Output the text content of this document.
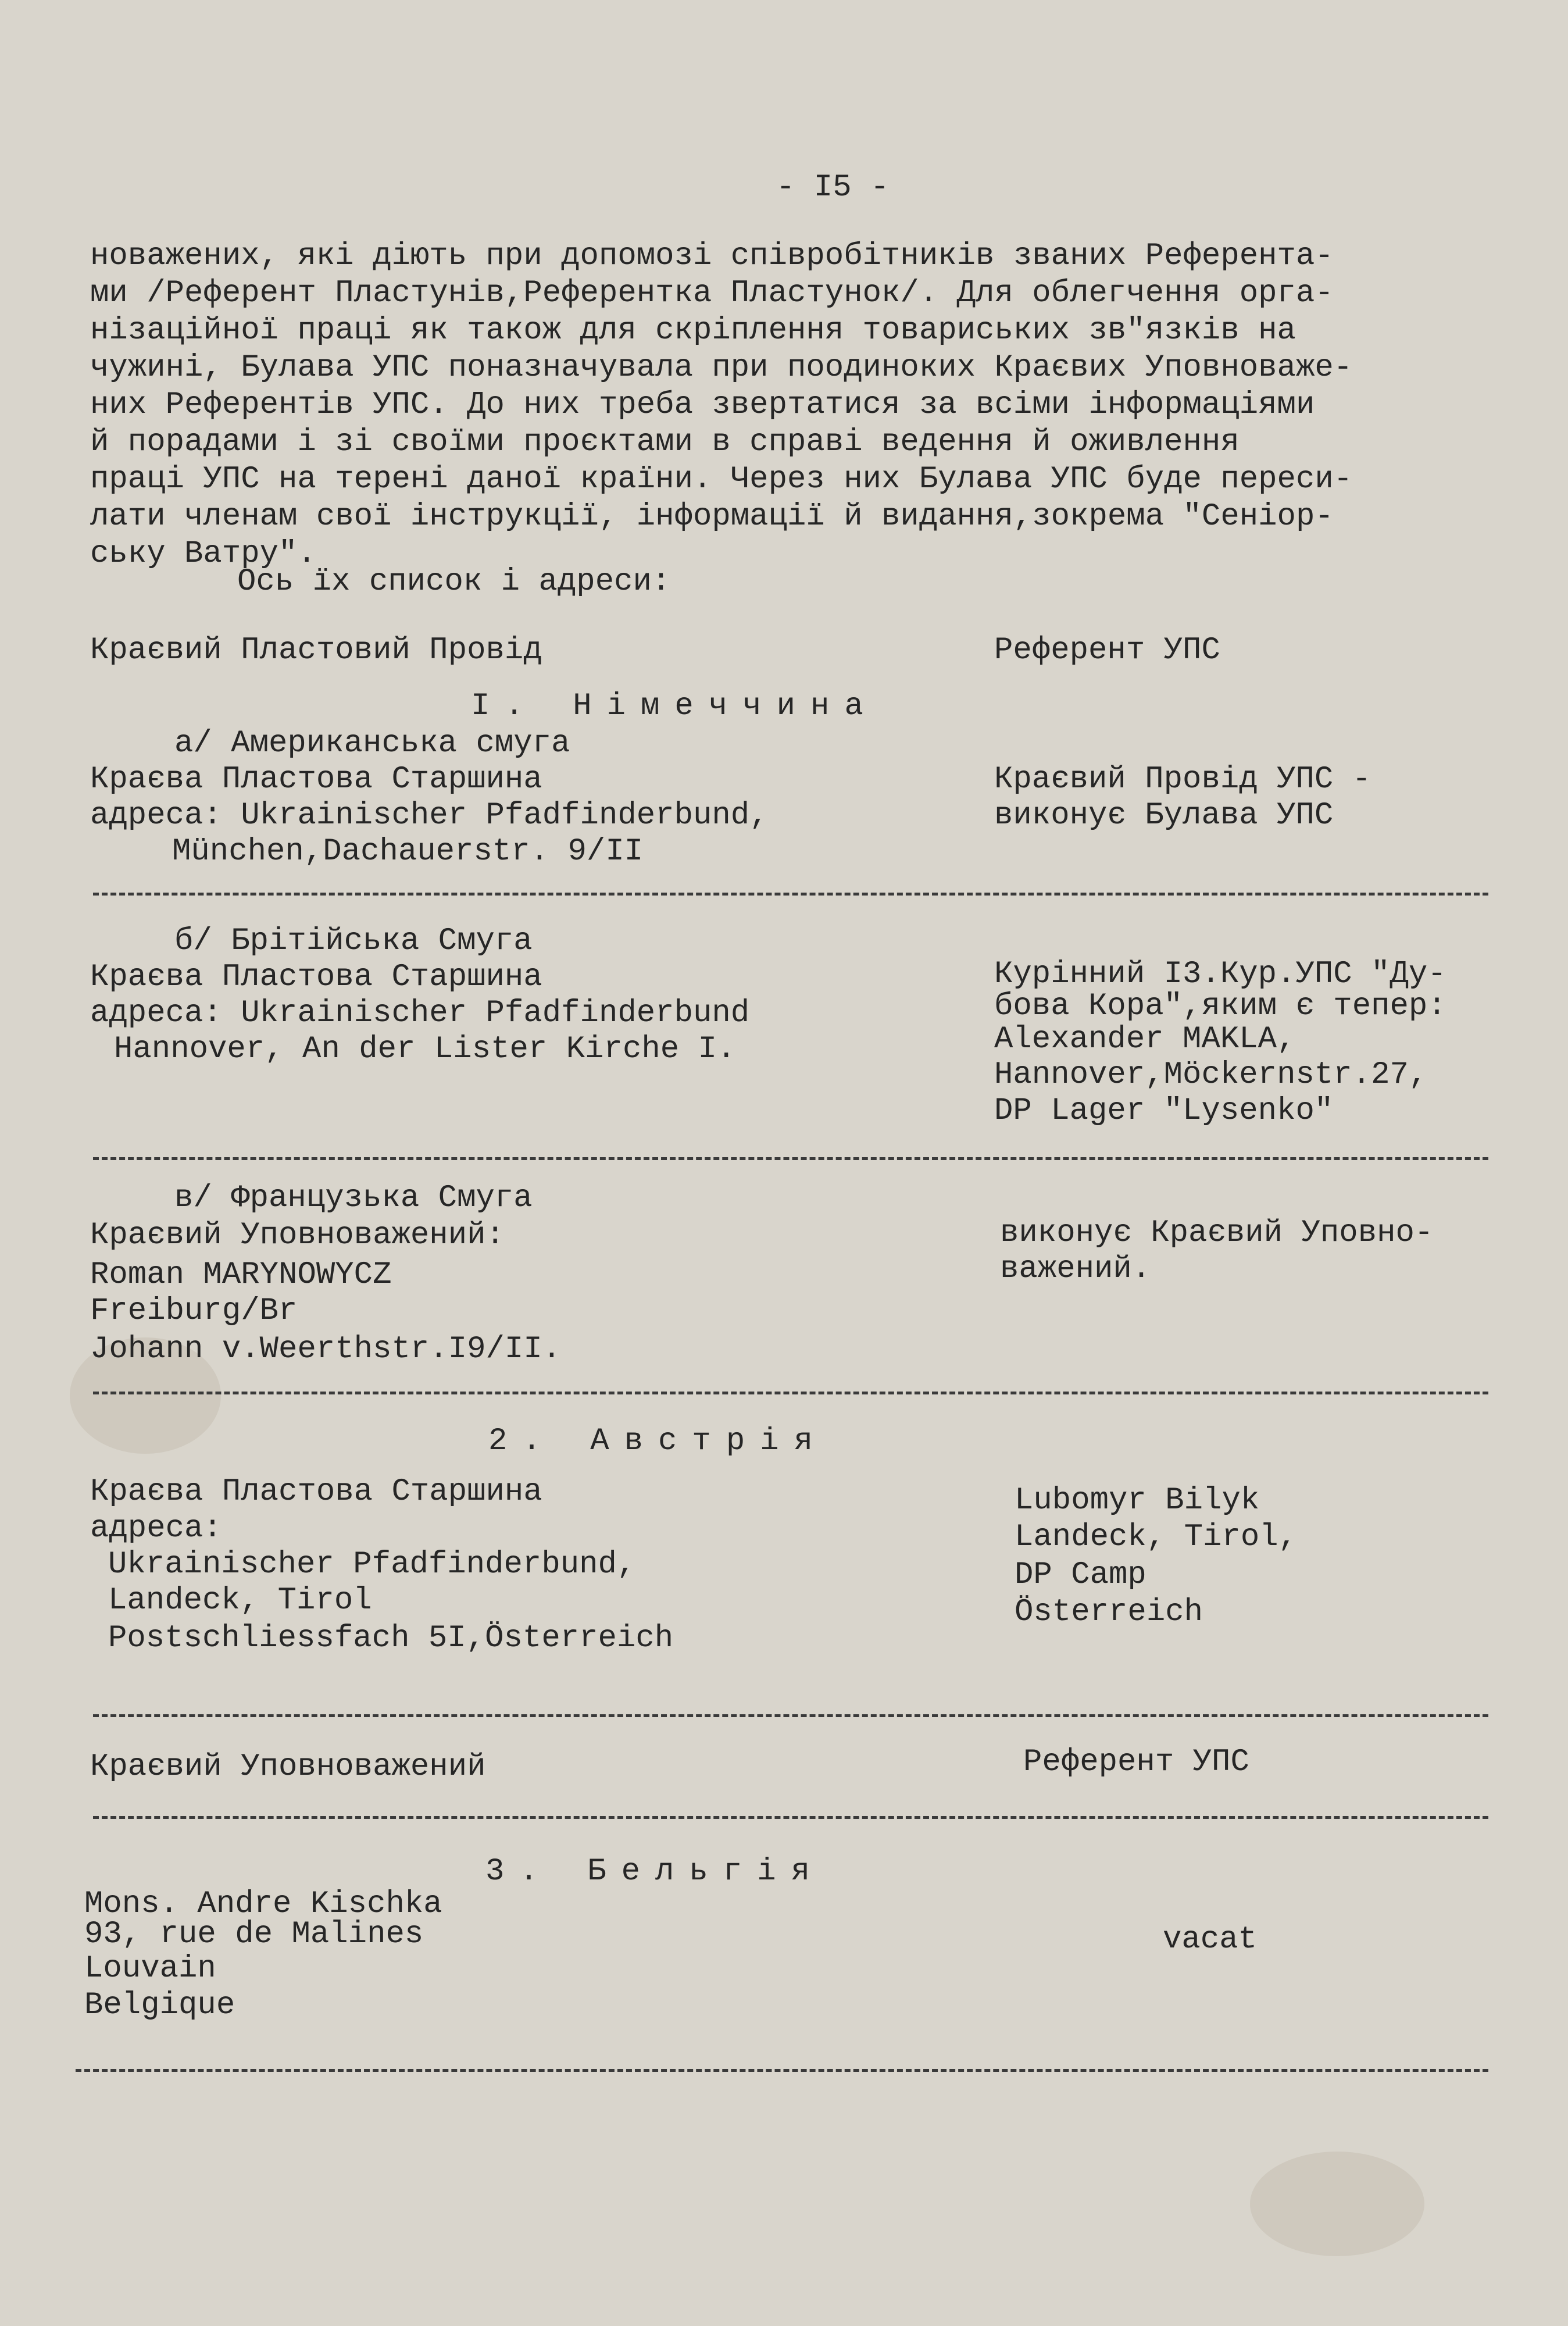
- I5 -
новажених, які діють при допомозі співробітників званих Референта-
ми /Референт Пластунів,Референтка Пластунок/. Для облегчення орга-
нізаційної праці як також для скріплення товариських зв"язків на
чужині, Булава УПС поназначувала при поодиноких Краєвих Уповноваже-
них Референтів УПС. До них треба звертатися за всіми інформаціями
й порадами і зі своїми проєктами в справі ведення й оживлення
праці УПС на терені даної країни. Через них Булава УПС буде переси-
лати членам свої інструкції, інформації й видання,зокрема "Сеніор-
ську Ватру".
Ось їх список і адреси:
Краєвий Пластовий Провід	Референт УПС
I. Німеччина
а/ Американська смуга
Краєва Пластова Старшина
адреса: Ukrainischer Pfadfinderbund,
München,Dachauerstr. 9/II
Краєвий Провід УПС -
виконує Булава УПС
б/ Брітійська Смуга
Краєва Пластова Старшина
адреса: Ukrainischer Pfadfinderbund
Hannover, An der Lister Kirche I.
Курінний I3.Кур.УПС "Ду-
бова Кора",яким є тепер:
Alexander MAKLA,
Hannover,Möckernstr.27,
DP Lager "Lysenko"
в/ Французька Смуга
Краєвий Уповноважений:
Roman MARYNOWYCZ
Freiburg/Br
Johann v.Weerthstr.I9/II.
виконує Краєвий Уповно-
важений.
2. Австрія
Краєва Пластова Старшина
адреса:
Ukrainischer Pfadfinderbund,
Landeck, Tirol
Postschliessfach 5I,Österreich
Lubomyr Bilyk
Landeck, Tirol,
DP Camp
Österreich
Краєвий Уповноважений	Референт УПС
3. Бельгія
Mons. Andre Kischka
93, rue de Malines
Louvain
Belgique
vacat
